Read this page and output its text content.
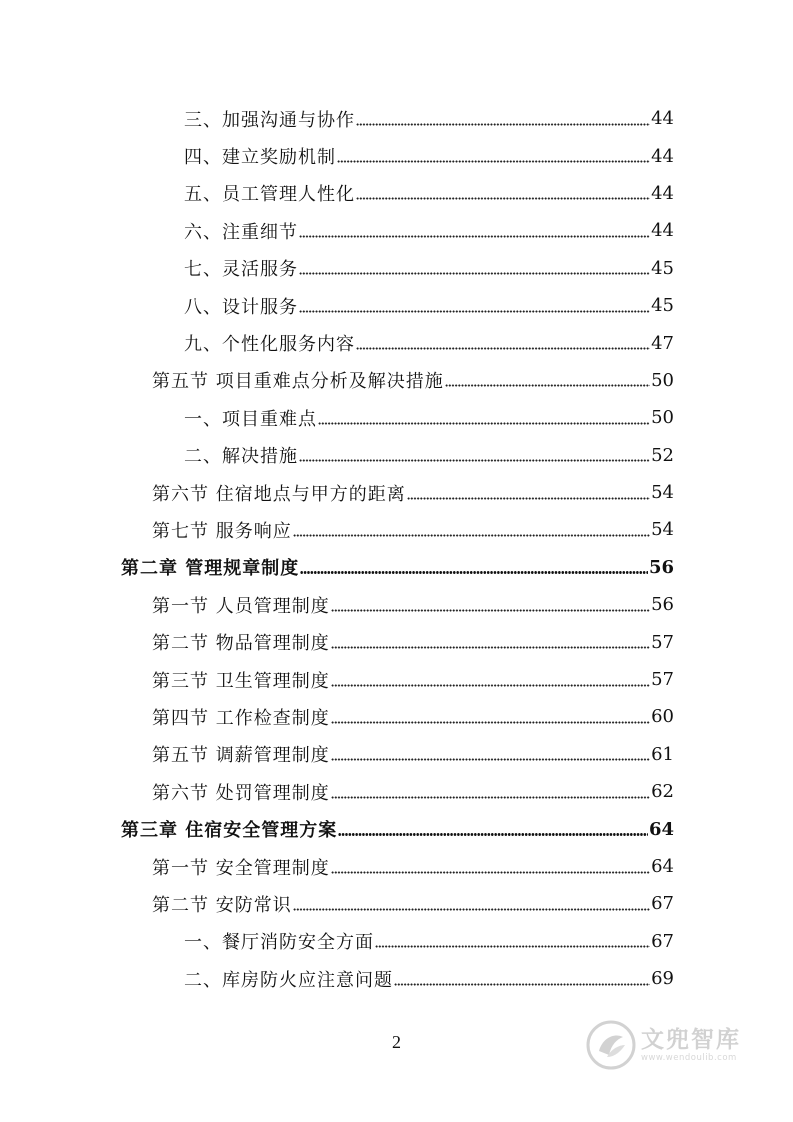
三、加强沟通与协作	44
四、建立奖励机制	44
五、员工管理人性化	44
六、注重细节	44
七、灵活服务	45
八、设计服务	45
九、个性化服务内容	47
第五节 项目重难点分析及解决措施	50
一、项目重难点	50
二、解决措施	52
第六节 住宿地点与甲方的距离	54
第七节 服务响应	54
第二章 管理规章制度	56
第一节 人员管理制度	56
第二节 物品管理制度	57
第三节 卫生管理制度	57
第四节 工作检查制度	60
第五节 调薪管理制度	61
第六节 处罚管理制度	62
第三章 住宿安全管理方案	64
第一节 安全管理制度	64
第二节 安防常识	67
一、餐厅消防安全方面	67
二、库房防火应注意问题	69
2	文兜智库
www.wendoulib.com
